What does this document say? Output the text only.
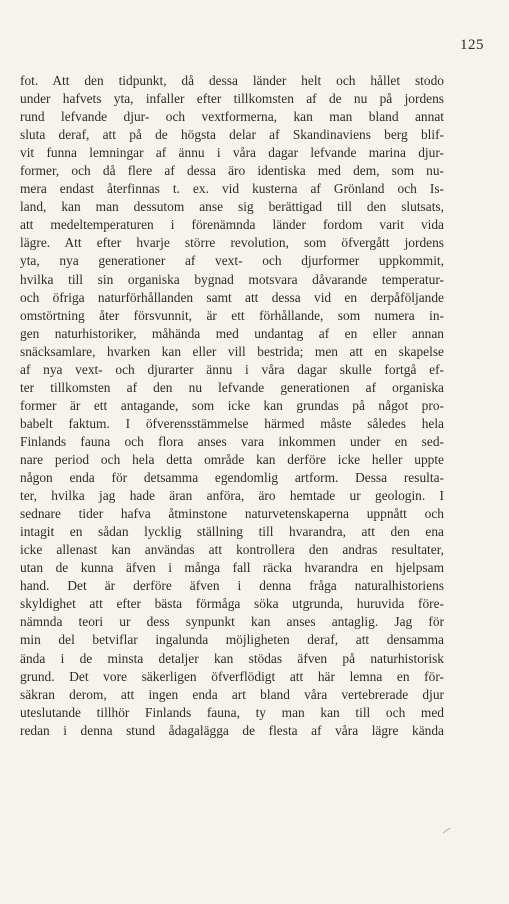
125
fot. Att den tidpunkt, då dessa länder helt och hållet stodo
under hafvets yta, infaller efter tillkomsten af de nu på jordens
rund lefvande djur- och vextformerna, kan man bland annat
sluta deraf, att på de högsta delar af Skandinaviens berg blif-
vit funna lemningar af ännu i våra dagar lefvande marina djur-
former, och då flere af dessa äro identiska med dem, som nu-
mera endast återfinnas t. ex. vid kusterna af Grönland och Is-
land, kan man dessutom anse sig berättigad till den slutsats,
att medeltemperaturen i förenämnda länder fordom varit vida
lägre. Att efter hvarje större revolution, som öfvergått jordens
yta, nya generationer af vext- och djurformer uppkommit,
hvilka till sin organiska bygnad motsvara dåvarande temperatur-
och öfriga naturförhållanden samt att dessa vid en derpåföljande
omstörtning åter försvunnit, är ett förhållande, som numera in-
gen naturhistoriker, måhända med undantag af en eller annan
snäcksamlare, hvarken kan eller vill bestrida; men att en skapelse
af nya vext- och djurarter ännu i våra dagar skulle fortgå ef-
ter tillkomsten af den nu lefvande generationen af organiska
former är ett antagande, som icke kan grundas på något pro-
babelt faktum. I öfverensstämmelse härmed måste således hela
Finlands fauna och flora anses vara inkommen under en sed-
nare period och hela detta område kan derföre icke heller uppte
någon enda för detsamma egendomlig artform. Dessa resulta-
ter, hvilka jag hade äran anföra, äro hemtade ur geologin. I
sednare tider hafva åtminstone naturvetenskaperna uppnått och
intagit en sådan lycklig ställning till hvarandra, att den ena
icke allenast kan användas att kontrollera den andras resultater,
utan de kunna äfven i många fall räcka hvarandra en hjelpsam
hand. Det är derföre äfven i denna fråga naturalhistoriens
skyldighet att efter bästa förmåga söka utgrunda, huruvida före-
nämnda teori ur dess synpunkt kan anses antaglig. Jag för
min del betviflar ingalunda möjligheten deraf, att densamma
ända i de minsta detaljer kan stödas äfven på naturhistorisk
grund. Det vore säkerligen öfverflödigt att här lemna en för-
säkran derom, att ingen enda art bland våra vertebrerade djur
uteslutande tillhör Finlands fauna, ty man kan till och med
redan i denna stund ådagalägga de flesta af våra lägre kända
